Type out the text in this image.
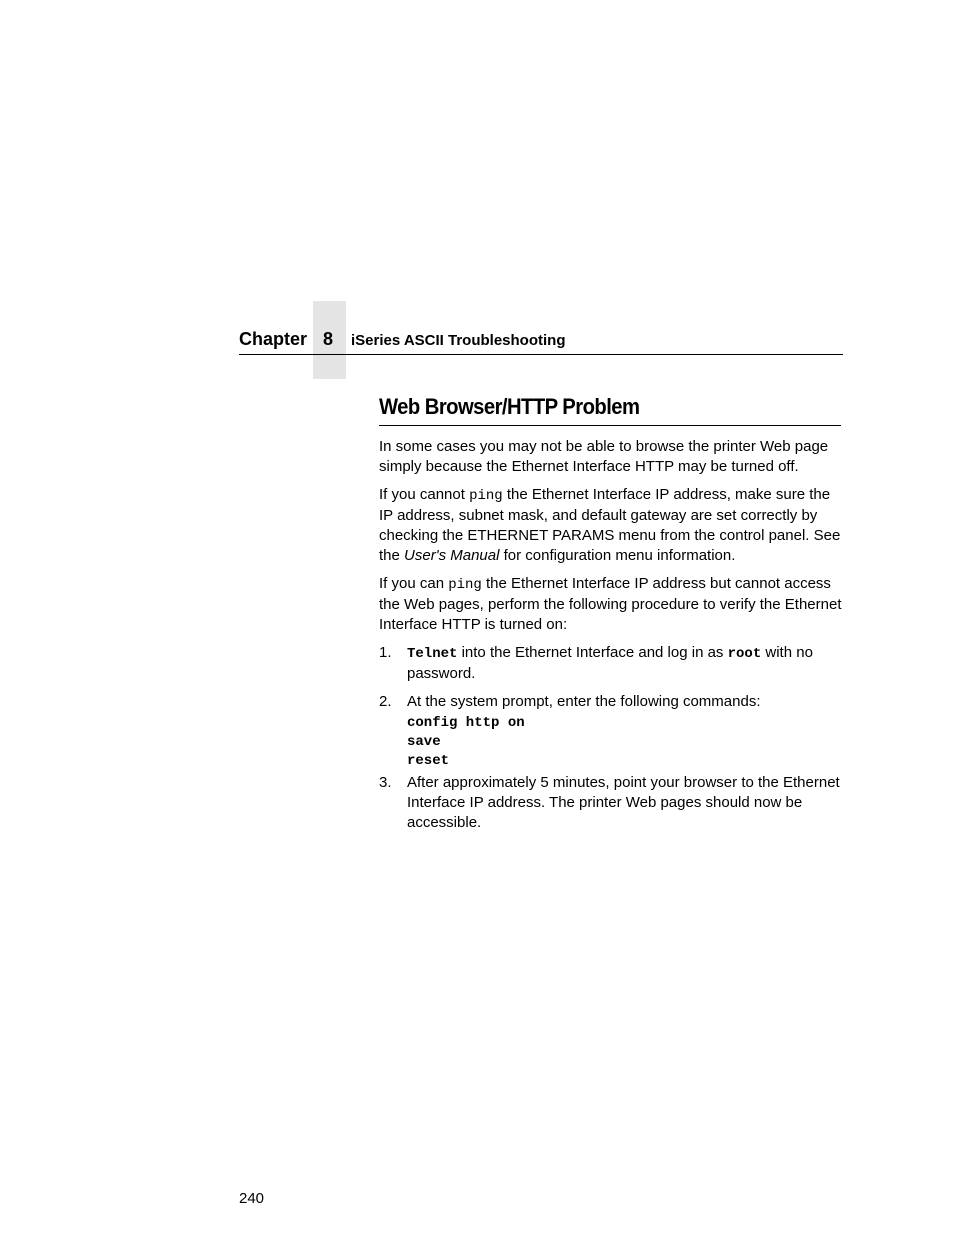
Chapter 8	iSeries ASCII Troubleshooting
Web Browser/HTTP Problem

In some cases you may not be able to browse the printer Web page simply because the Ethernet Interface HTTP may be turned off.

If you cannot ping the Ethernet Interface IP address, make sure the IP address, subnet mask, and default gateway are set correctly by checking the ETHERNET PARAMS menu from the control panel. See the User's Manual for configuration menu information.

If you can ping the Ethernet Interface IP address but cannot access the Web pages, perform the following procedure to verify the Ethernet Interface HTTP is turned on:

1. Telnet into the Ethernet Interface and log in as root with no password.
2. At the system prompt, enter the following commands:
config http on
save
reset
3. After approximately 5 minutes, point your browser to the Ethernet Interface IP address. The printer Web pages should now be accessible.
240
